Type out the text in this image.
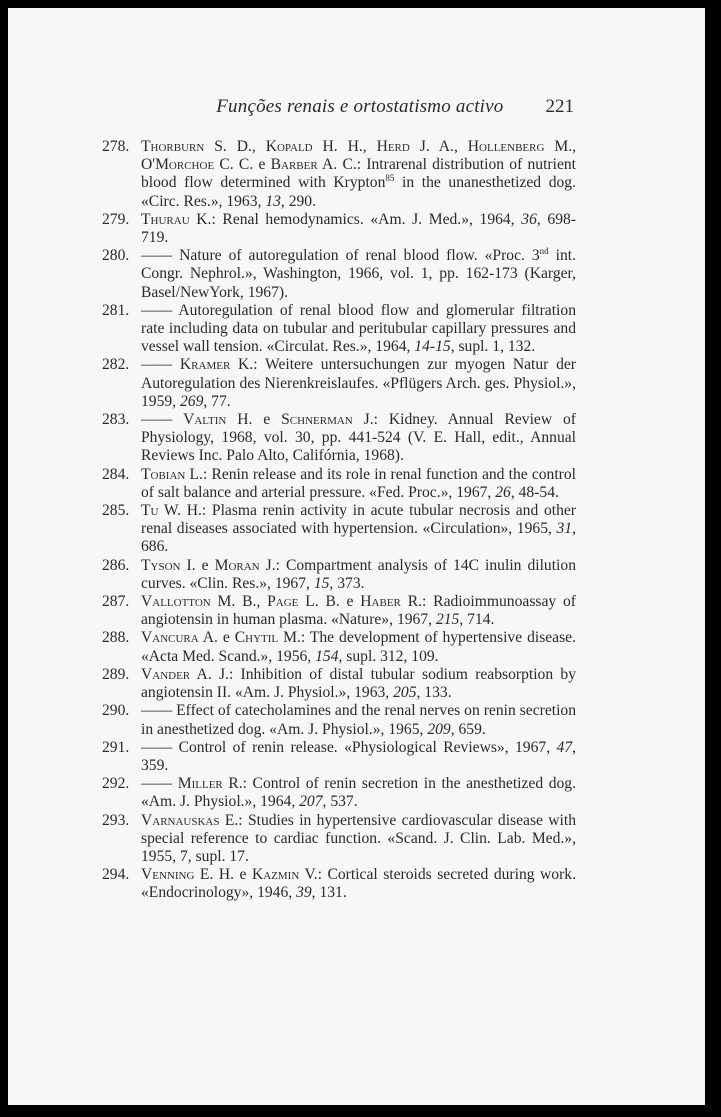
Funções renais e ortostatismo activo 221
278. Thorburn S. D., Kopald H. H., Herd J. A., Hollenberg M., O'Morchoe C. C. e Barber A. C.: Intrarenal distribution of nutrient blood flow determined with Krypton$^{85}$ in the unanesthetized dog. «Circ. Res.», 1963, 13, 290.
279. Thurau K.: Renal hemodynamics. «Am. J. Med.», 1964, 36, 698-719.
280. —— Nature of autoregulation of renal blood flow. «Proc. 3nd int. Congr. Nephrol.», Washington, 1966, vol. 1, pp. 162-173 (Karger, Basel/NewYork, 1967).
281. —— Autoregulation of renal blood flow and glomerular filtration rate including data on tubular and peritubular capillary pressures and vessel wall tension. «Circulat. Res.», 1964, 14-15, supl. 1, 132.
282. —— Kramer K.: Weitere untersuchungen zur myogen Natur der Autoregulation des Nierenkreislaufes. «Pflügers Arch. ges. Physiol.», 1959, 269, 77.
283. —— Valtin H. e Schnerman J.: Kidney. Annual Review of Physiology, 1968, vol. 30, pp. 441-524 (V. E. Hall, edit., Annual Reviews Inc. Palo Alto, Califórnia, 1968).
284. Tobian L.: Renin release and its role in renal function and the control of salt balance and arterial pressure. «Fed. Proc.», 1967, 26, 48-54.
285. Tu W. H.: Plasma renin activity in acute tubular necrosis and other renal diseases associated with hypertension. «Circulation», 1965, 31, 686.
286. Tyson I. e Moran J.: Compartment analysis of 14C inulin dilution curves. «Clin. Res.», 1967, 15, 373.
287. Vallotton M. B., Page L. B. e Haber R.: Radioimmunoassay of angiotensin in human plasma. «Nature», 1967, 215, 714.
288. Vancura A. e Chytil M.: The development of hypertensive disease. «Acta Med. Scand.», 1956, 154, supl. 312, 109.
289. Vander A. J.: Inhibition of distal tubular sodium reabsorption by angiotensin II. «Am. J. Physiol.», 1963, 205, 133.
290. —— Effect of catecholamines and the renal nerves on renin secretion in anesthetized dog. «Am. J. Physiol.», 1965, 209, 659.
291. —— Control of renin release. «Physiological Reviews», 1967, 47, 359.
292. —— Miller R.: Control of renin secretion in the anesthetized dog. «Am. J. Physiol.», 1964, 207, 537.
293. Varnauskas E.: Studies in hypertensive cardiovascular disease with special reference to cardiac function. «Scand. J. Clin. Lab. Med.», 1955, 7, supl. 17.
294. Venning E. H. e Kazmin V.: Cortical steroids secreted during work. «Endocrinology», 1946, 39, 131.
